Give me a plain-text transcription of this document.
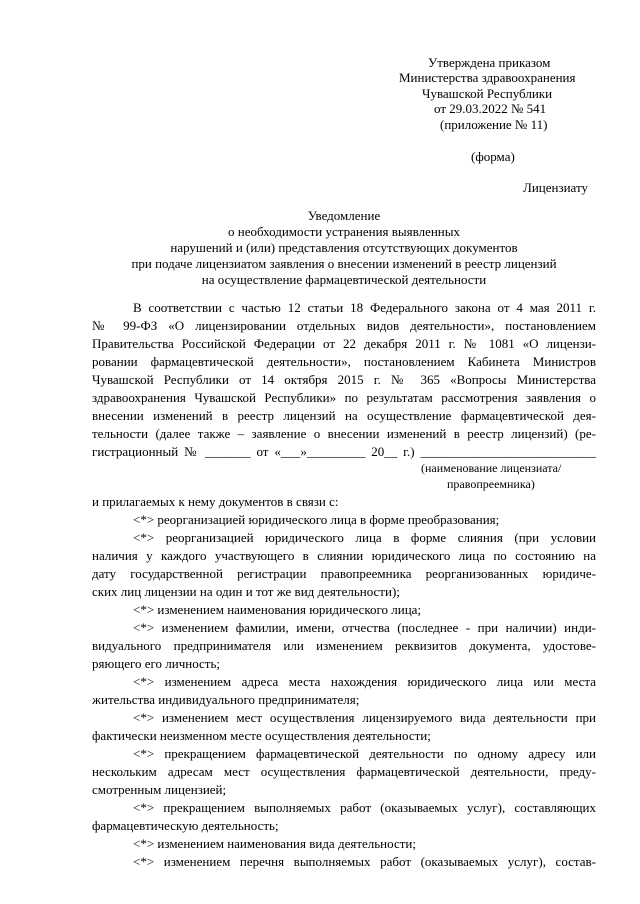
Утверждена приказом
Министерства здравоохранения
Чувашской Республики
от 29.03.2022 № 541
(приложение № 11)
(форма)
Лицензиату
Уведомление
о необходимости устранения выявленных
нарушений и (или) представления отсутствующих документов
при подаче лицензиатом заявления о внесении изменений в реестр лицензий
на осуществление фармацевтической деятельности
В соответствии с частью 12 статьи 18 Федерального закона от 4 мая 2011 г.
№ 99-ФЗ «О лицензировании отдельных видов деятельности», постановлением
Правительства Российской Федерации от 22 декабря 2011 г. № 1081 «О лицензи-
ровании фармацевтической деятельности», постановлением Кабинета Министров
Чувашской Республики от 14 октября 2015 г. № 365 «Вопросы Министерства
здравоохранения Чувашской Республики» по результатам рассмотрения заявления о
внесении изменений в реестр лицензий на осуществление фармацевтической дея-
тельности (далее также – заявление о внесении изменений в реестр лицензий) (ре-
гистрационный № _______ от «___»_________ 20__ г.) ___________________________
(наименование лицензиата/
правопреемника)
и прилагаемых к нему документов в связи с:
<*> реорганизацией юридического лица в форме преобразования;
<*> реорганизацией юридического лица в форме слияния (при условии
наличия у каждого участвующего в слиянии юридического лица по состоянию на
дату государственной регистрации правопреемника реорганизованных юридиче-
ских лиц лицензии на один и тот же вид деятельности);
<*> изменением наименования юридического лица;
<*> изменением фамилии, имени, отчества (последнее - при наличии) инди-
видуального предпринимателя или изменением реквизитов документа, удостове-
ряющего его личность;
<*> изменением адреса места нахождения юридического лица или места
жительства индивидуального предпринимателя;
<*> изменением мест осуществления лицензируемого вида деятельности при
фактически неизменном месте осуществления деятельности;
<*> прекращением фармацевтической деятельности по одному адресу или
нескольким адресам мест осуществления фармацевтической деятельности, преду-
смотренным лицензией;
<*> прекращением выполняемых работ (оказываемых услуг), составляющих
фармацевтическую деятельность;
<*> изменением наименования вида деятельности;
<*> изменением перечня выполняемых работ (оказываемых услуг), состав-
